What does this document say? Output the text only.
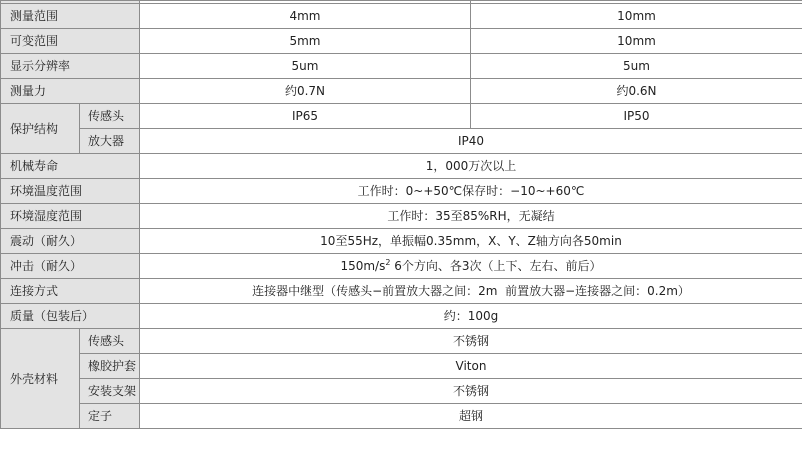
测量范围		4mm	10mm
可变范围		5mm	10mm
显示分辨率		5um	5um
测量力		约0.7N	约0.6N
保护结构	传感头	IP65	IP50
	放大器	IP40	
机械寿命		1，000万次以上	
环境温度范围		工作时：0~+50℃保存时：−10~+60℃	
环境湿度范围		工作时：35至85%RH，无凝结	
震动（耐久）		10至55Hz，单振幅0.35mm，X、Y、Z轴方向各50min	
冲击（耐久）		$150m/s^2$ 6个方向、各3次（上下、左右、前后）	
连接方式		连接器中继型（传感头−前置放大器之间：2m  前置放大器−连接器之间：0.2m）	
质量（包装后）		约：100g	
外壳材料	传感头	不锈钢	
	橡胶护套	Viton	
	安装支架	不锈钢	
	定子	超钢	
